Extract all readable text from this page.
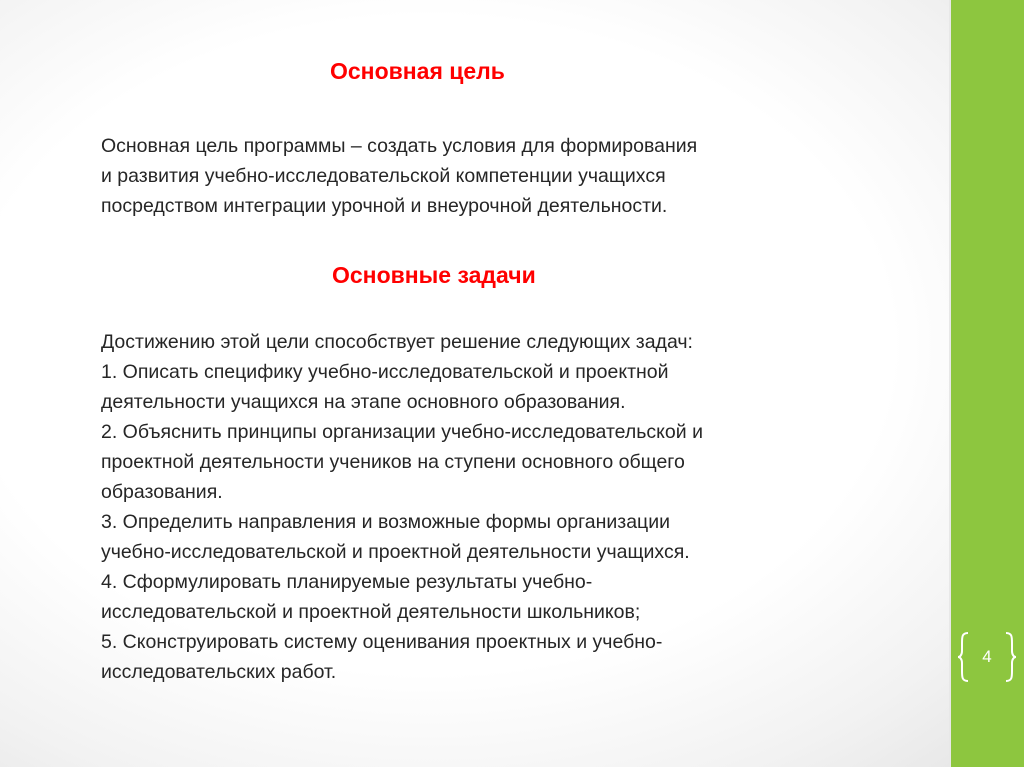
Основная цель

Основная цель программы – создать условия для формирования
и развития учебно-исследовательской компетенции учащихся
посредством интеграции урочной и внеурочной деятельности.

Основные задачи

Достижению этой цели способствует решение следующих задач:
1. Описать специфику учебно-исследовательской и проектной
деятельности учащихся на этапе основного образования.
2. Объяснить принципы организации учебно-исследовательской и
проектной деятельности учеников на ступени основного общего
образования.
3. Определить направления и возможные формы организации
учебно-исследовательской и проектной деятельности учащихся.
4. Сформулировать планируемые результаты учебно-
исследовательской и проектной деятельности школьников;
5. Сконструировать систему оценивания проектных и учебно-
исследовательских работ.

4
